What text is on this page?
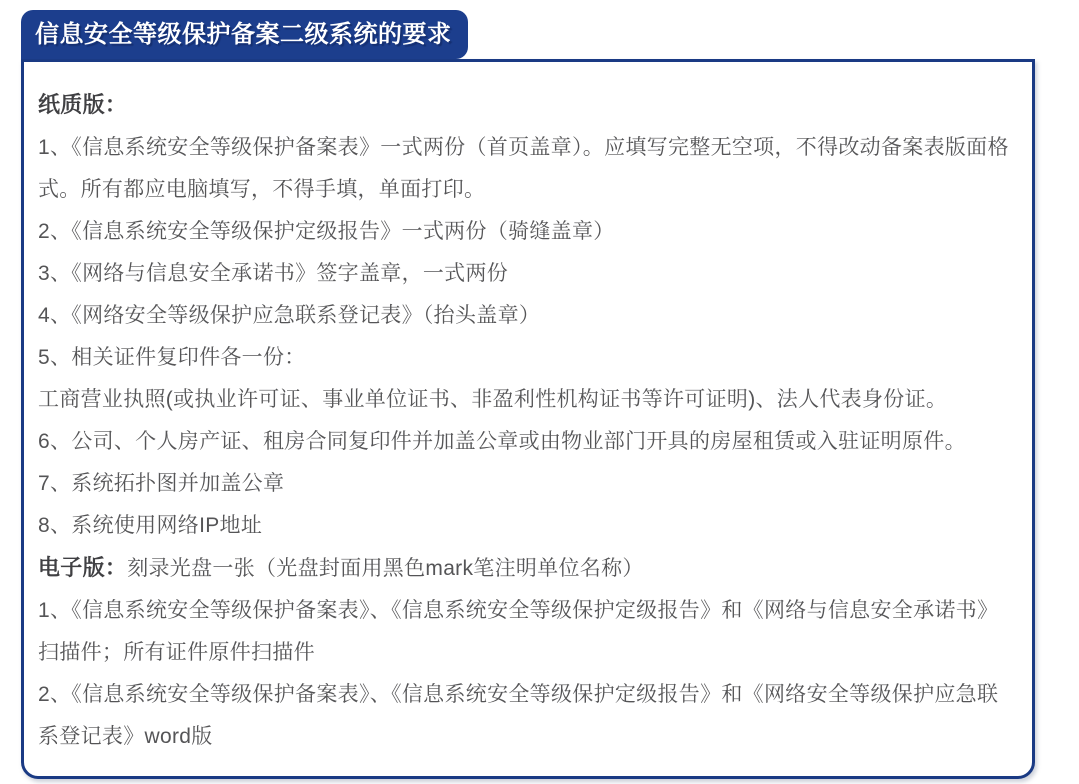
信息安全等级保护备案二级系统的要求

纸质版：

1、《信息系统安全等级保护备案表》一式两份（首页盖章）。应填写完整无空项，不得改动备案表版面格式。所有都应电脑填写，不得手填，单面打印。

2、《信息系统安全等级保护定级报告》一式两份（骑缝盖章）

3、《网络与信息安全承诺书》签字盖章，一式两份

4、《网络安全等级保护应急联系登记表》（抬头盖章）

5、相关证件复印件各一份：

工商营业执照(或执业许可证、事业单位证书、非盈利性机构证书等许可证明)、法人代表身份证。

6、公司、个人房产证、租房合同复印件并加盖公章或由物业部门开具的房屋租赁或入驻证明原件。

7、系统拓扑图并加盖公章

8、系统使用网络IP地址

电子版：刻录光盘一张（光盘封面用黑色mark笔注明单位名称）

1、《信息系统安全等级保护备案表》、《信息系统安全等级保护定级报告》和《网络与信息安全承诺书》扫描件；所有证件原件扫描件

2、《信息系统安全等级保护备案表》、《信息系统安全等级保护定级报告》和《网络安全等级保护应急联系登记表》word版
